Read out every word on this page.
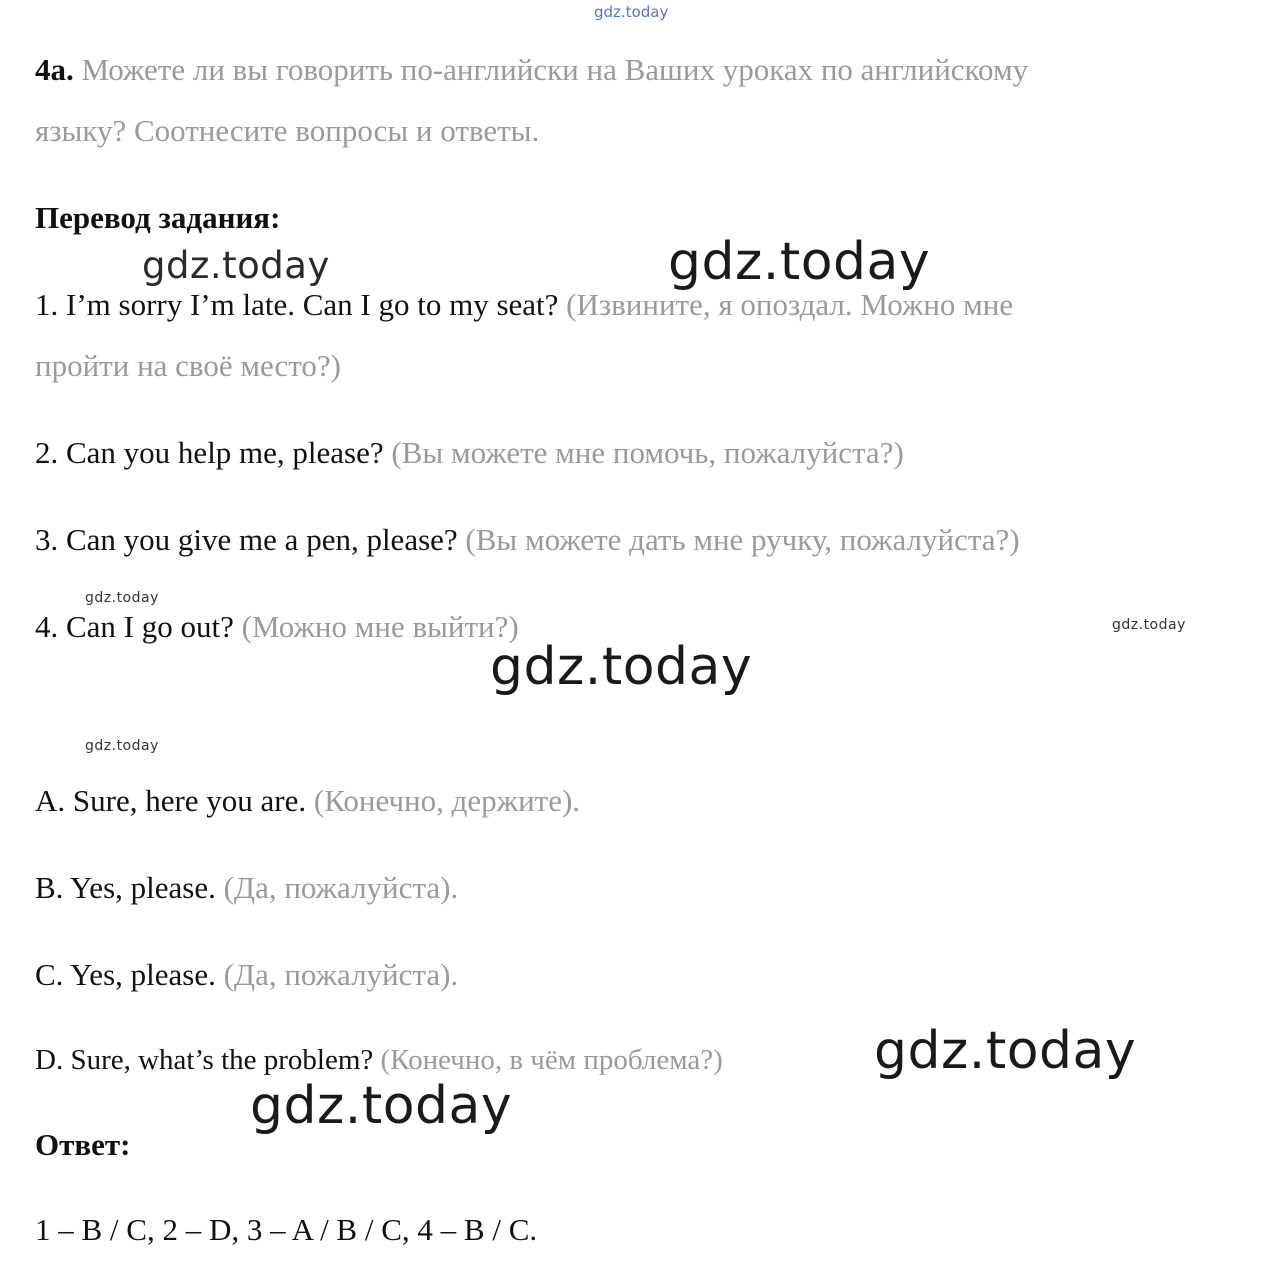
gdz.today
gdz.today
gdz.today
gdz.today
gdz.today
gdz.today
gdz.today
gdz.today
gdz.today
4a. Можете ли вы говорить по-английски на Ваших уроках по английскому
языку? Соотнесите вопросы и ответы.
Перевод задания:
1. I’m sorry I’m late. Can I go to my seat? (Извините, я опоздал. Можно мне
пройти на своё место?)
2. Can you help me, please? (Вы можете мне помочь, пожалуйста?)
3. Can you give me a pen, please? (Вы можете дать мне ручку, пожалуйста?)
4. Can I go out? (Можно мне выйти?)
A. Sure, here you are. (Конечно, держите).
B. Yes, please. (Да, пожалуйста).
C. Yes, please. (Да, пожалуйста).
D. Sure, what’s the problem? (Конечно, в чём проблема?)
Ответ:
1 – B / C, 2 – D, 3 – A / B / C, 4 – B / C.
